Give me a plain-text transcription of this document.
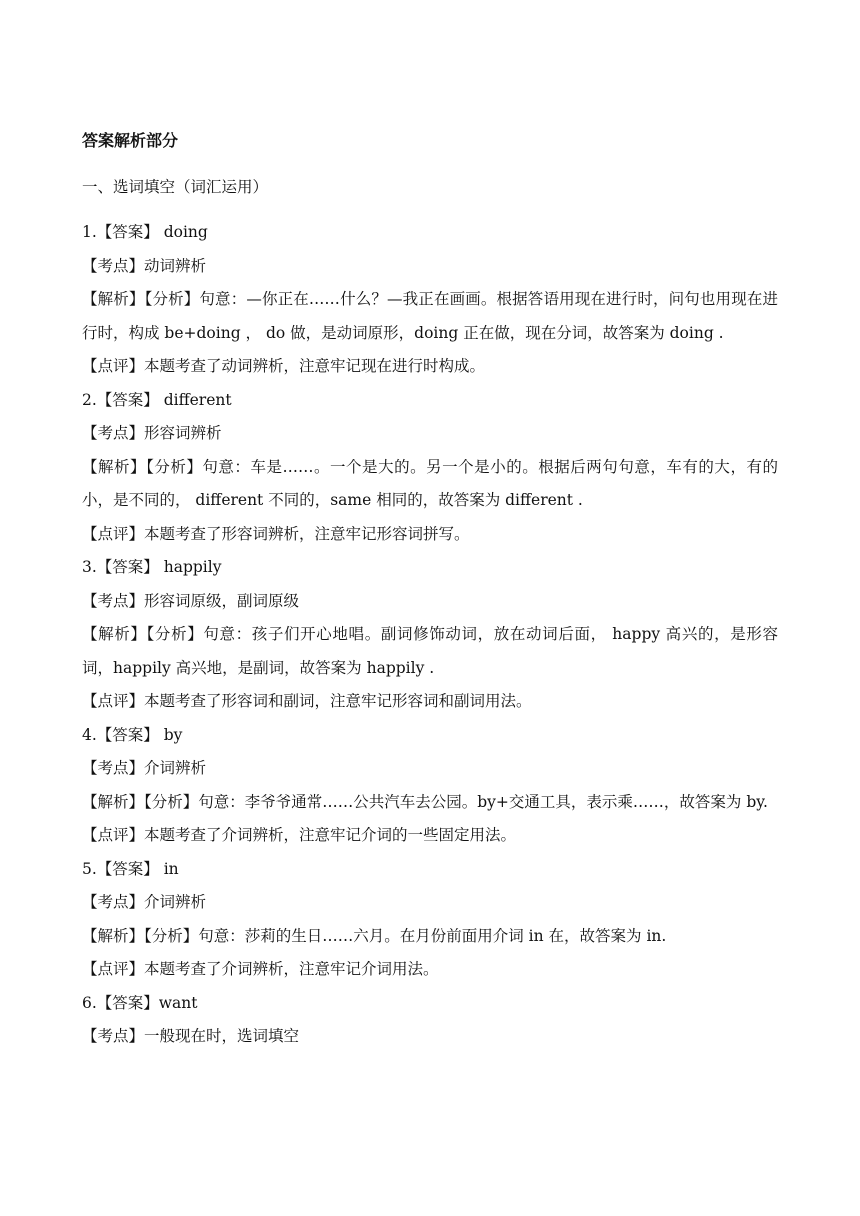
答案解析部分
一、选词填空（词汇运用）

1.【答案】 doing

【考点】动词辨析

【解析】【分析】句意：—你正在……什么？—我正在画画。根据答语用现在进行时，问句也用现在进行时，构成 be+doing ， do 做，是动词原形，doing 正在做，现在分词，故答案为 doing .

【点评】本题考查了动词辨析，注意牢记现在进行时构成。

2.【答案】 different

【考点】形容词辨析

【解析】【分析】句意：车是……。一个是大的。另一个是小的。根据后两句句意，车有的大，有的小，是不同的， different 不同的，same 相同的，故答案为 different .

【点评】本题考查了形容词辨析，注意牢记形容词拼写。

3.【答案】 happily

【考点】形容词原级，副词原级

【解析】【分析】句意：孩子们开心地唱。副词修饰动词，放在动词后面， happy 高兴的，是形容词，happily 高兴地，是副词，故答案为 happily .

【点评】本题考查了形容词和副词，注意牢记形容词和副词用法。

4.【答案】 by

【考点】介词辨析

【解析】【分析】句意：李爷爷通常……公共汽车去公园。by+交通工具，表示乘……，故答案为 by.

【点评】本题考查了介词辨析，注意牢记介词的一些固定用法。

5.【答案】 in

【考点】介词辨析

【解析】【分析】句意：莎莉的生日……六月。在月份前面用介词 in 在，故答案为 in.

【点评】本题考查了介词辨析，注意牢记介词用法。

6.【答案】want

【考点】一般现在时，选词填空
